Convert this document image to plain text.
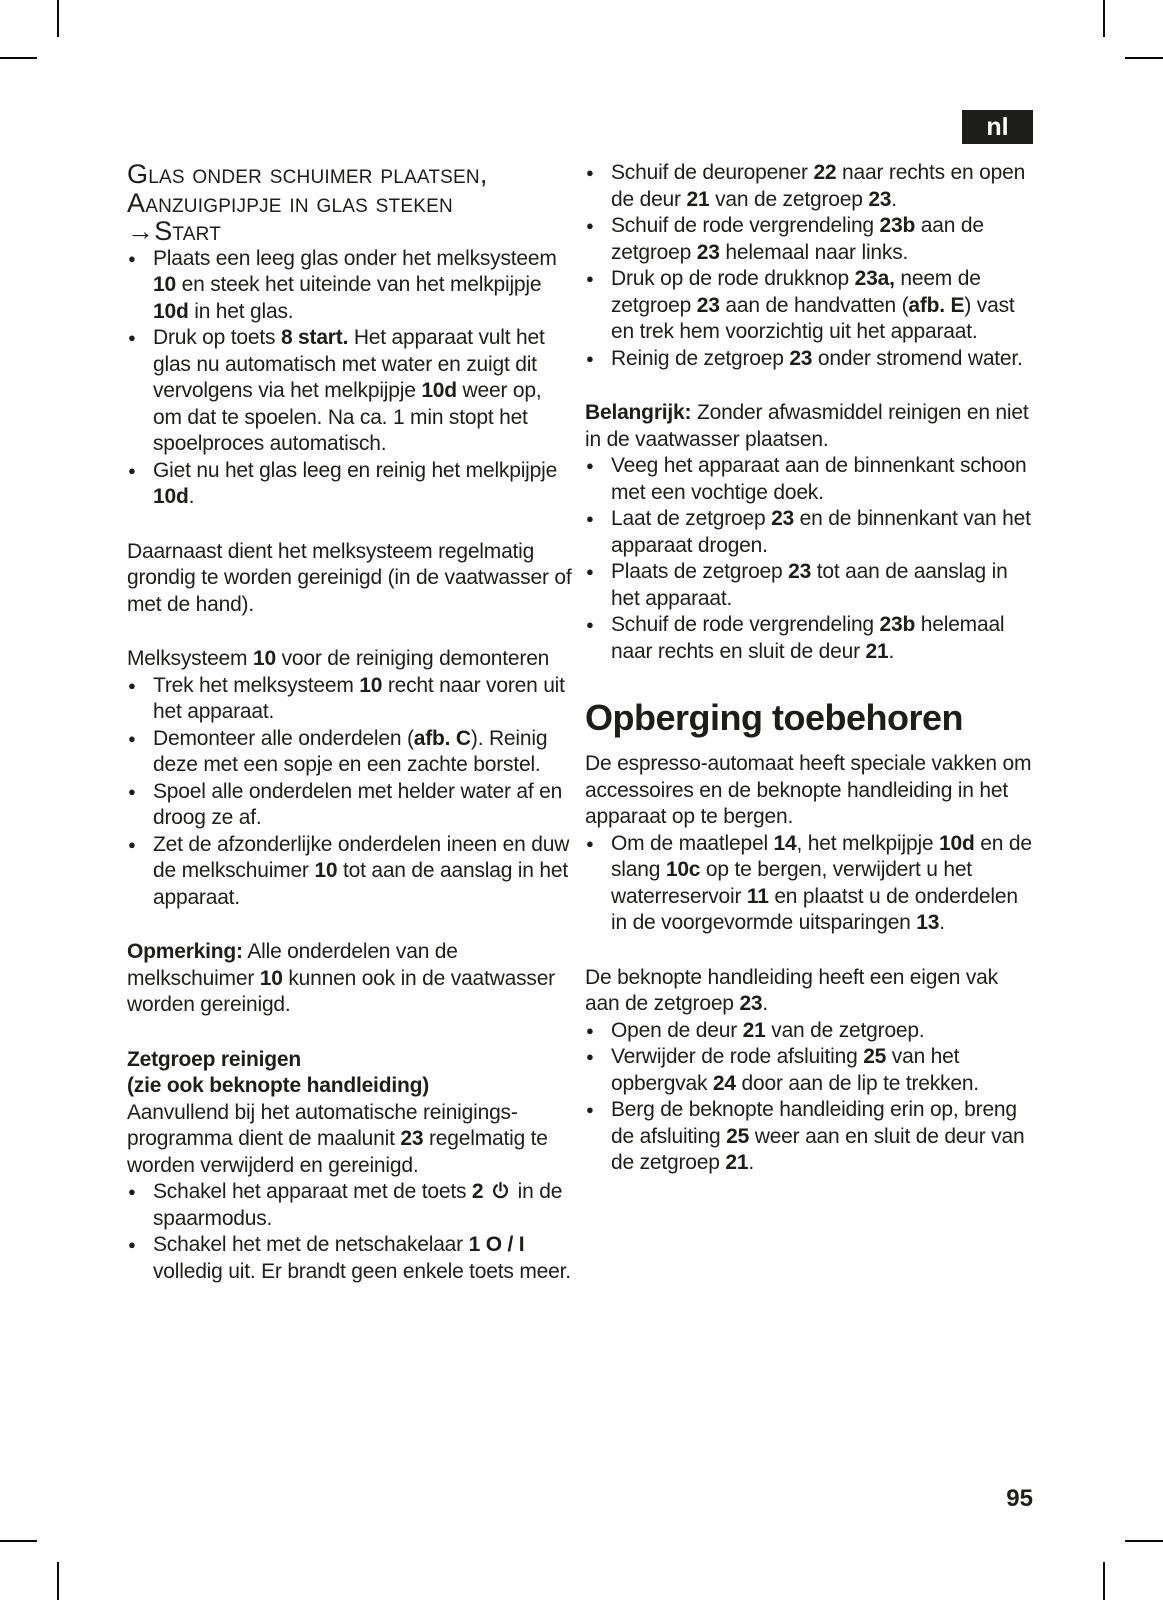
nl
Glas onder schuimer plaatsen,
Aanzuigpijpje in glas steken
→Start
● Plaats een leeg glas onder het melksysteem 10 en steek het uiteinde van het melkpijpje 10d in het glas.
● Druk op toets 8 start. Het apparaat vult het glas nu automatisch met water en zuigt dit vervolgens via het melkpijpje 10d weer op, om dat te spoelen. Na ca. 1 min stopt het spoelproces automatisch.
● Giet nu het glas leeg en reinig het melkpijpje 10d.
Daarnaast dient het melksysteem regelmatig grondig te worden gereinigd (in de vaatwasser of met de hand).
Melksysteem 10 voor de reiniging demonteren
● Trek het melksysteem 10 recht naar voren uit het apparaat.
● Demonteer alle onderdelen (afb. C). Reinig deze met een sopje en een zachte borstel.
● Spoel alle onderdelen met helder water af en droog ze af.
● Zet de afzonderlijke onderdelen ineen en duw de melkschuimer 10 tot aan de aanslag in het apparaat.
Opmerking: Alle onderdelen van de melkschuimer 10 kunnen ook in de vaatwasser worden gereinigd.
Zetgroep reinigen
(zie ook beknopte handleiding)
Aanvullend bij het automatische reinigings-programma dient de maalunit 23 regelmatig te worden verwijderd en gereinigd.
● Schakel het apparaat met de toets 2  in de spaarmodus.
● Schakel het met de netschakelaar 1 O / I volledig uit. Er brandt geen enkele toets meer.
● Schuif de deuropener 22 naar rechts en open de deur 21 van de zetgroep 23.
● Schuif de rode vergrendeling 23b aan de zetgroep 23 helemaal naar links.
● Druk op de rode drukknop 23a, neem de zetgroep 23 aan de handvatten (afb. E) vast en trek hem voorzichtig uit het apparaat.
● Reinig de zetgroep 23 onder stromend water.
Belangrijk: Zonder afwasmiddel reinigen en niet in de vaatwasser plaatsen.
● Veeg het apparaat aan de binnenkant schoon met een vochtige doek.
● Laat de zetgroep 23 en de binnenkant van het apparaat drogen.
● Plaats de zetgroep 23 tot aan de aanslag in het apparaat.
● Schuif de rode vergrendeling 23b helemaal naar rechts en sluit de deur 21.
Opberging toebehoren
De espresso-automaat heeft speciale vakken om accessoires en de beknopte handleiding in het apparaat op te bergen.
● Om de maatlepel 14, het melkpijpje 10d en de slang 10c op te bergen, verwijdert u het waterreservoir 11 en plaatst u de onderdelen in de voorgevormde uitsparingen 13.
De beknopte handleiding heeft een eigen vak aan de zetgroep 23.
● Open de deur 21 van de zetgroep.
● Verwijder de rode afsluiting 25 van het opbergvak 24 door aan de lip te trekken.
● Berg de beknopte handleiding erin op, breng de afsluiting 25 weer aan en sluit de deur van de zetgroep 21.
95
